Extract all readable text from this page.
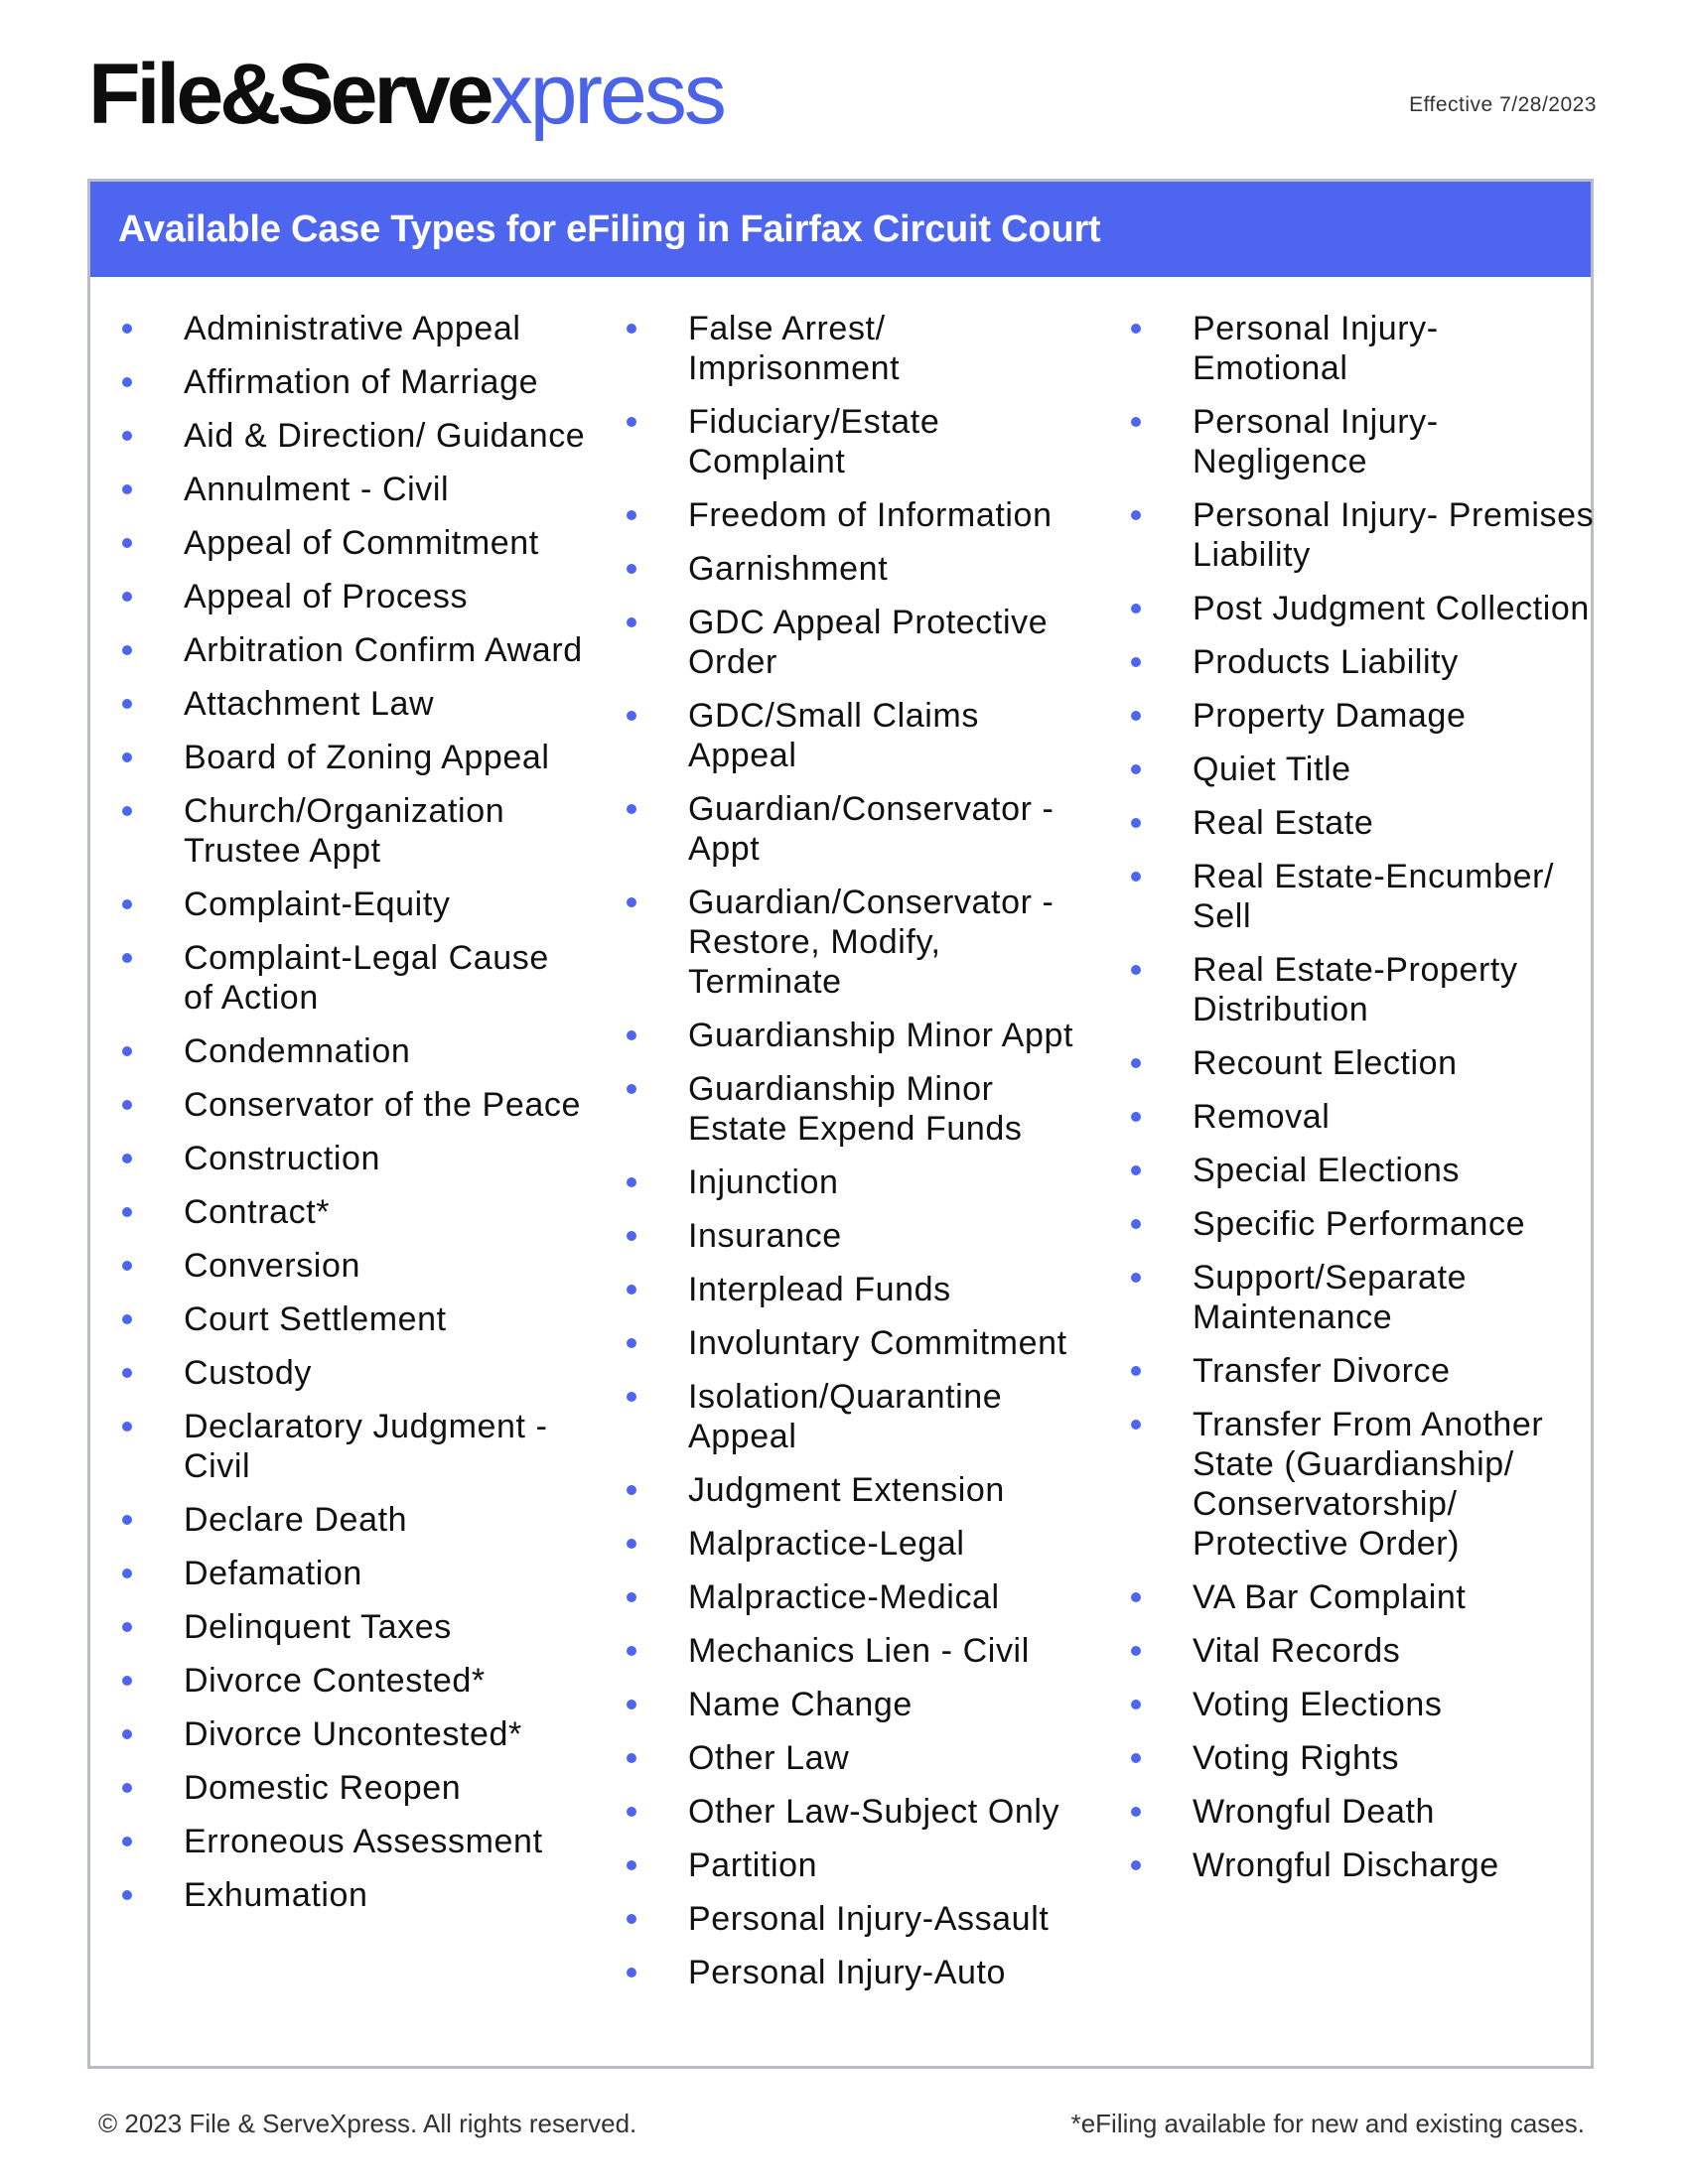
File&Servexpress	Effective 7/28/2023
Available Case Types for eFiling in Fairfax Circuit Court
Administrative Appeal
Affirmation of Marriage
Aid & Direction/ Guidance
Annulment - Civil
Appeal of Commitment
Appeal of Process
Arbitration Confirm Award
Attachment Law
Board of Zoning Appeal
Church/Organization Trustee Appt
Complaint-Equity
Complaint-Legal Cause of Action
Condemnation
Conservator of the Peace
Construction
Contract*
Conversion
Court Settlement
Custody
Declaratory Judgment - Civil
Declare Death
Defamation
Delinquent Taxes
Divorce Contested*
Divorce Uncontested*
Domestic Reopen
Erroneous Assessment
Exhumation
False Arrest/ Imprisonment
Fiduciary/Estate Complaint
Freedom of Information
Garnishment
GDC Appeal Protective Order
GDC/Small Claims Appeal
Guardian/Conservator - Appt
Guardian/Conservator - Restore, Modify, Terminate
Guardianship Minor Appt
Guardianship Minor Estate Expend Funds
Injunction
Insurance
Interplead Funds
Involuntary Commitment
Isolation/Quarantine Appeal
Judgment Extension
Malpractice-Legal
Malpractice-Medical
Mechanics Lien - Civil
Name Change
Other Law
Other Law-Subject Only
Partition
Personal Injury-Assault
Personal Injury-Auto
Personal Injury- Emotional
Personal Injury- Negligence
Personal Injury- Premises Liability
Post Judgment Collection
Products Liability
Property Damage
Quiet Title
Real Estate
Real Estate-Encumber/ Sell
Real Estate-Property Distribution
Recount Election
Removal
Special Elections
Specific Performance
Support/Separate Maintenance
Transfer Divorce
Transfer From Another State (Guardianship/ Conservatorship/ Protective Order)
VA Bar Complaint
Vital Records
Voting Elections
Voting Rights
Wrongful Death
Wrongful Discharge
© 2023 File & ServeXpress. All rights reserved.	*eFiling available for new and existing cases.
